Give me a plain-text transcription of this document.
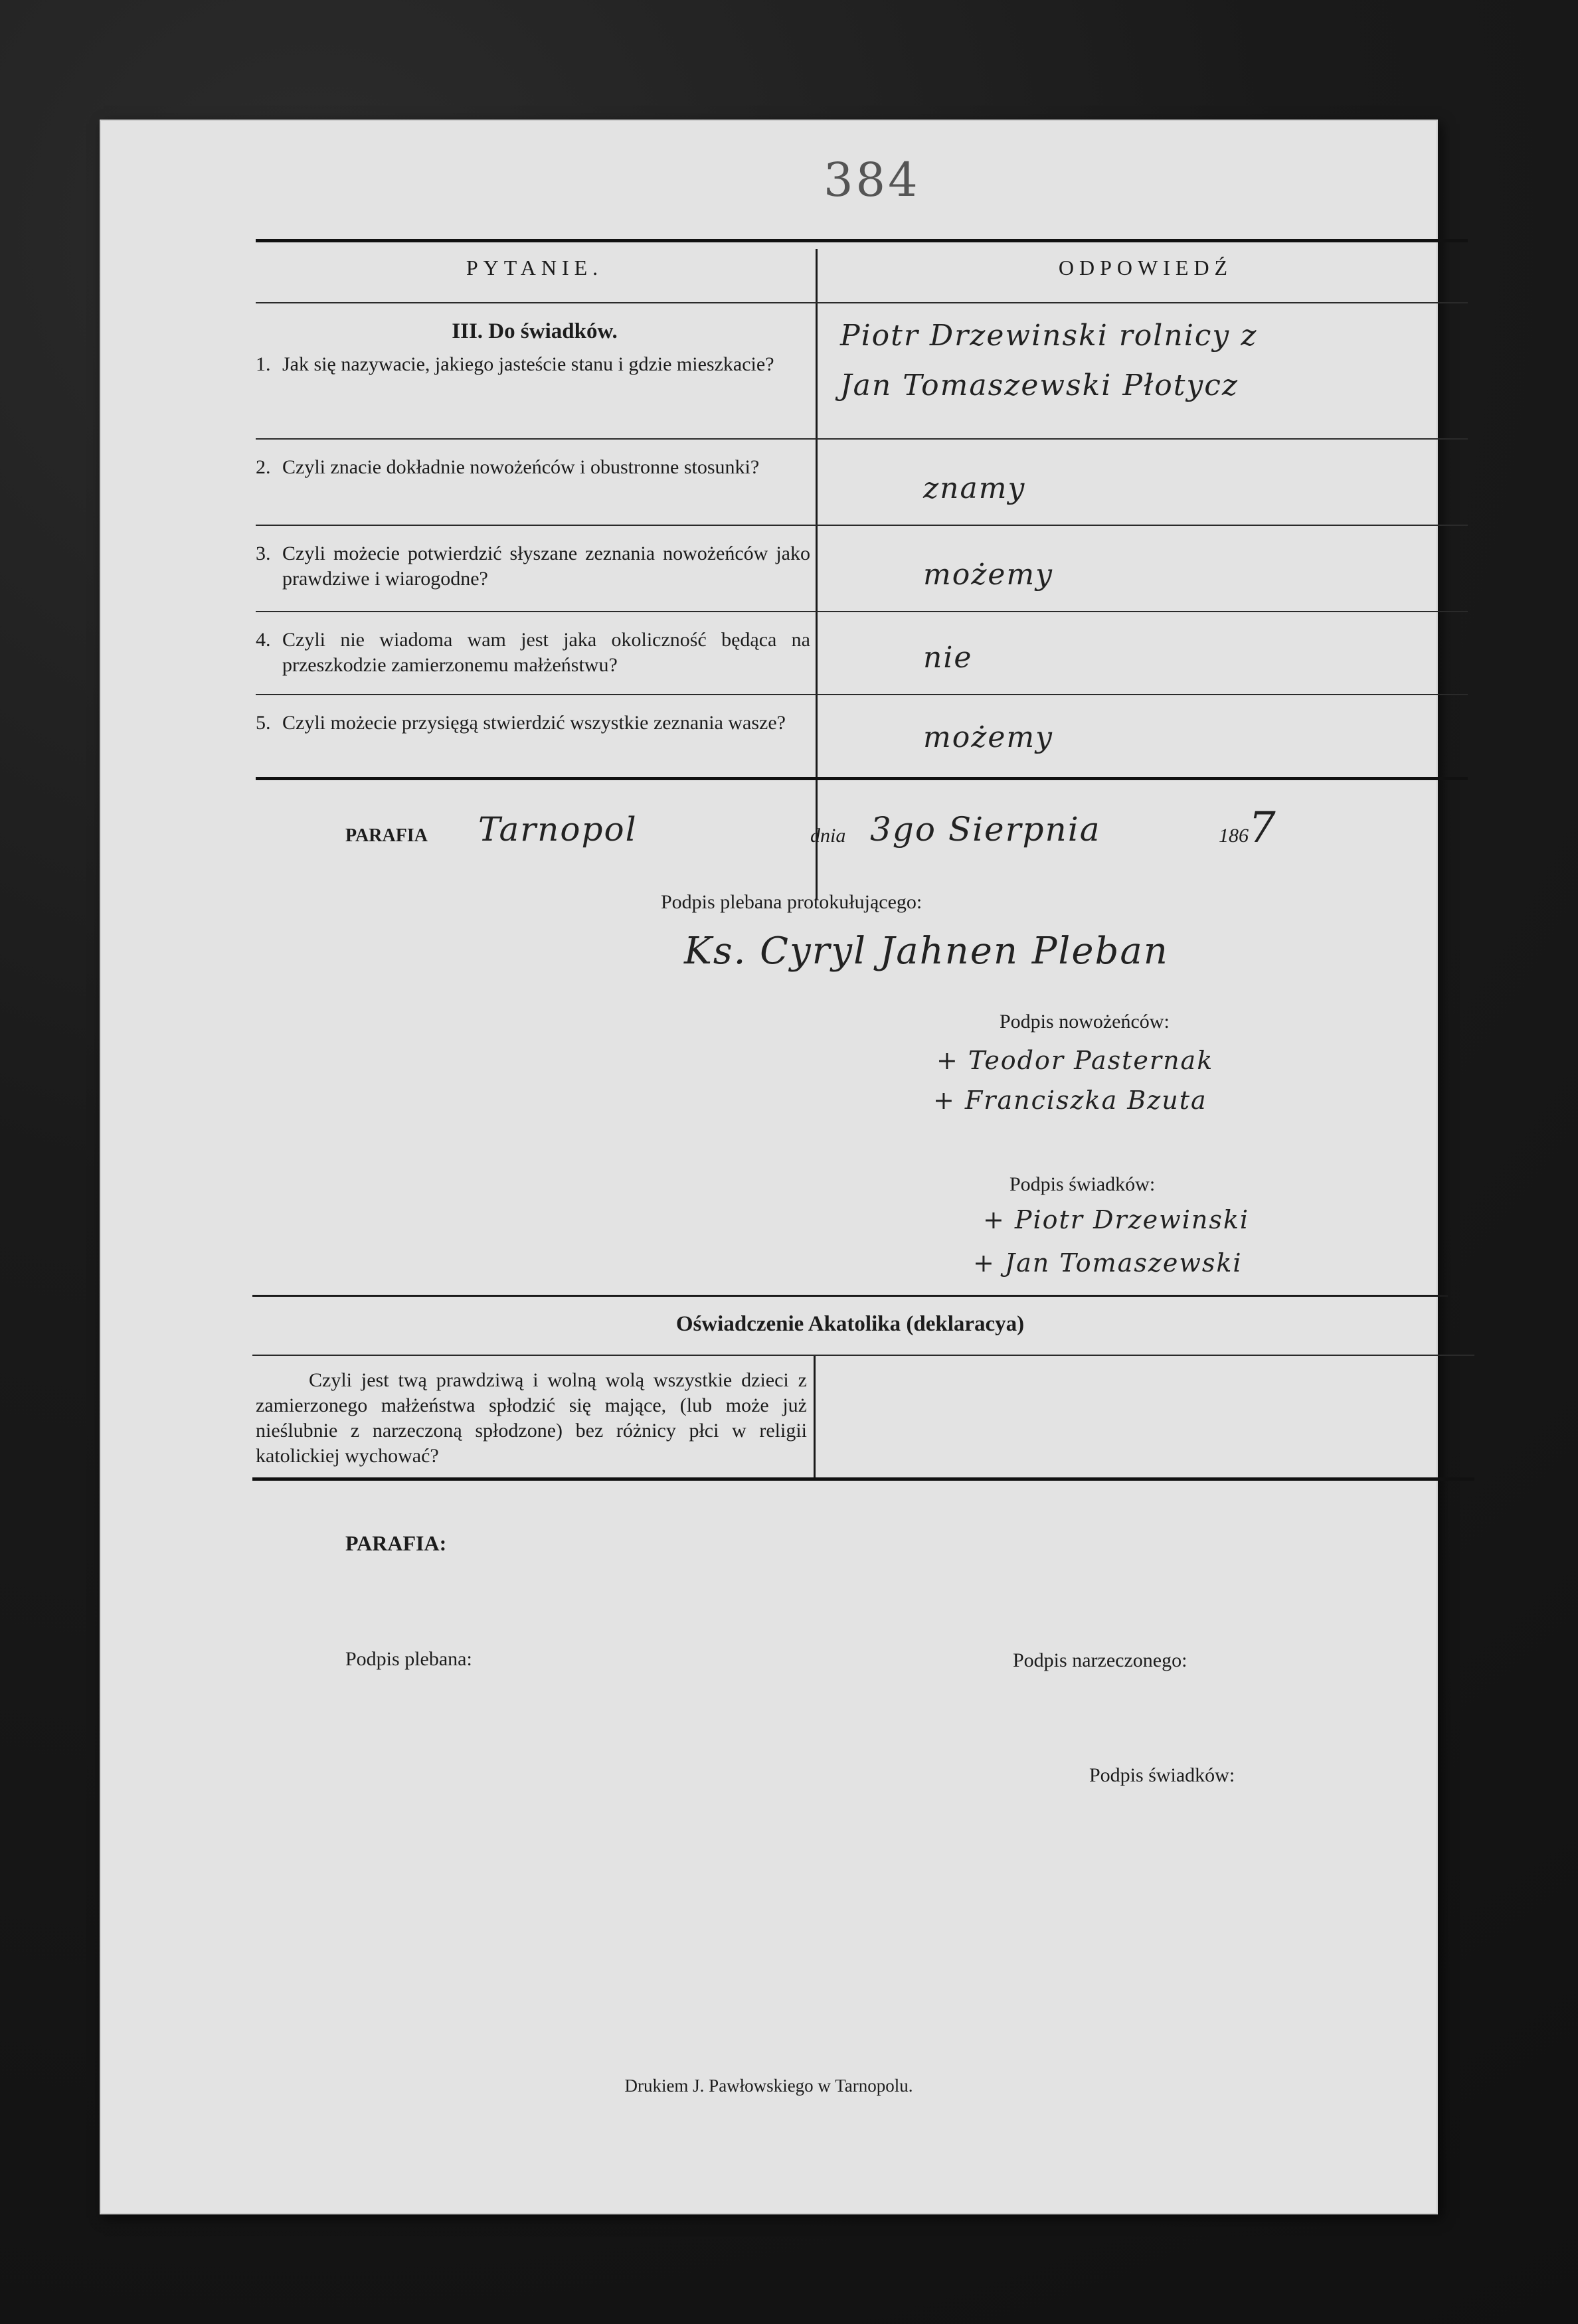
384
PYTANIE.	ODPOWIEDŹ
III. Do świadków.
1. Jak się nazywacie, jakiego jasteście stanu i gdzie mieszkacie?
Piotr Drzewinski rolnicy z
Jan Tomaszewski Płotycz
2. Czyli znacie dokładnie nowożeńców i obustronne stosunki?
znamy
3. Czyli możecie potwierdzić słyszane zeznania nowożeńców jako prawdziwe i wiarogodne?	możemy
4. Czyli nie wiadoma wam jest jaka okoliczność będąca na przeszkodzie zamierzonemu małżeństwu?	nie
5. Czyli możecie przysięgą stwierdzić wszystkie zeznania wasze?	możemy
PARAFIA Tarnopol	dnia 3go Sierpnia	186 7
Podpis plebana protokułującego:
Ks. Cyryl Jahnen Pleban
Podpis nowożeńców:
+ Teodor Pasternak
+ Franciszka Bzuta
Podpis świadków:
+ Piotr Drzewinski
+ Jan Tomaszewski
Oświadczenie Akatolika (deklaracya)
Czyli jest twą prawdziwą i wolną wolą wszystkie dzieci z zamierzonego małżeństwa spłodzić się mające, (lub może już nieślubnie z narzeczoną spłodzone) bez różnicy płci w religii katolickiej wychować?
PARAFIA:
Podpis plebana:	Podpis narzeczonego:
Podpis świadków:
Drukiem J. Pawłowskiego w Tarnopolu.
